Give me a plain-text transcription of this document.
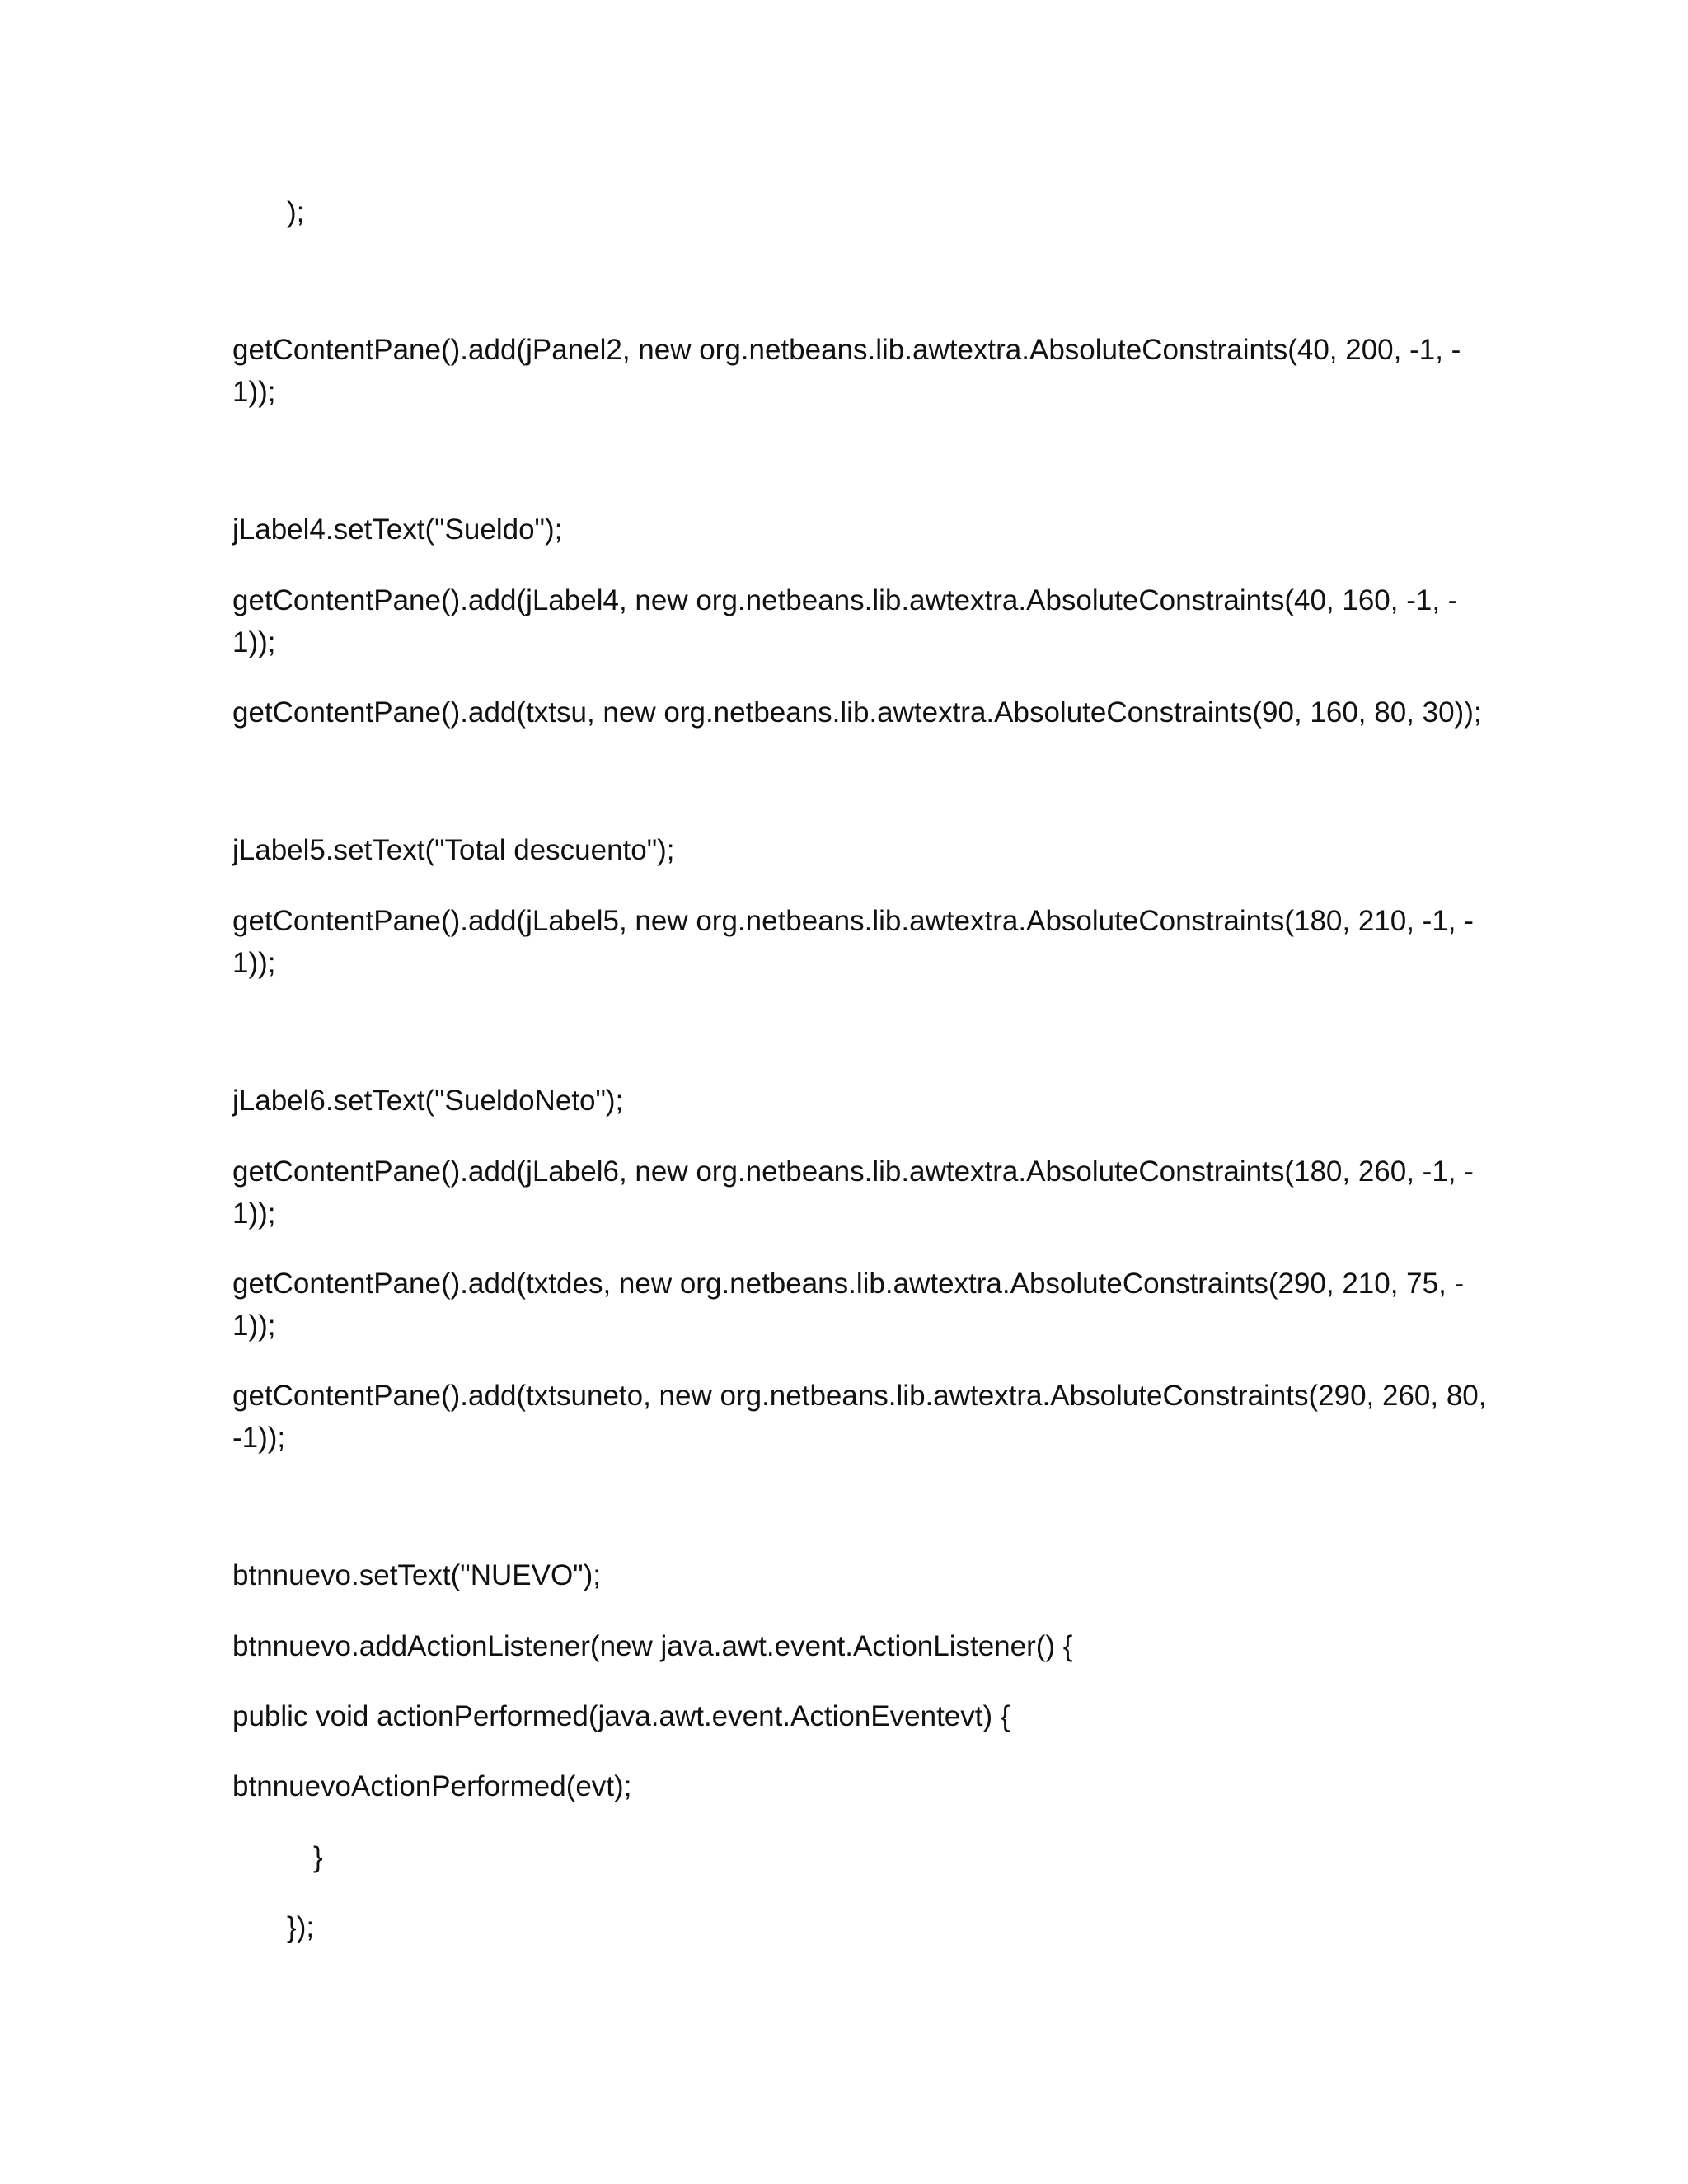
);
getContentPane().add(jPanel2, new org.netbeans.lib.awtextra.AbsoluteConstraints(40, 200, -1, -
1));
jLabel4.setText("Sueldo");
getContentPane().add(jLabel4, new org.netbeans.lib.awtextra.AbsoluteConstraints(40, 160, -1, -
1));
getContentPane().add(txtsu, new org.netbeans.lib.awtextra.AbsoluteConstraints(90, 160, 80, 30));
jLabel5.setText("Total descuento");
getContentPane().add(jLabel5, new org.netbeans.lib.awtextra.AbsoluteConstraints(180, 210, -1, -
1));
jLabel6.setText("SueldoNeto");
getContentPane().add(jLabel6, new org.netbeans.lib.awtextra.AbsoluteConstraints(180, 260, -1, -
1));
getContentPane().add(txtdes, new org.netbeans.lib.awtextra.AbsoluteConstraints(290, 210, 75, -
1));
getContentPane().add(txtsuneto, new org.netbeans.lib.awtextra.AbsoluteConstraints(290, 260, 80,
-1));
btnnuevo.setText("NUEVO");
btnnuevo.addActionListener(new java.awt.event.ActionListener() {
public void actionPerformed(java.awt.event.ActionEventevt) {
btnnuevoActionPerformed(evt);
}
});
